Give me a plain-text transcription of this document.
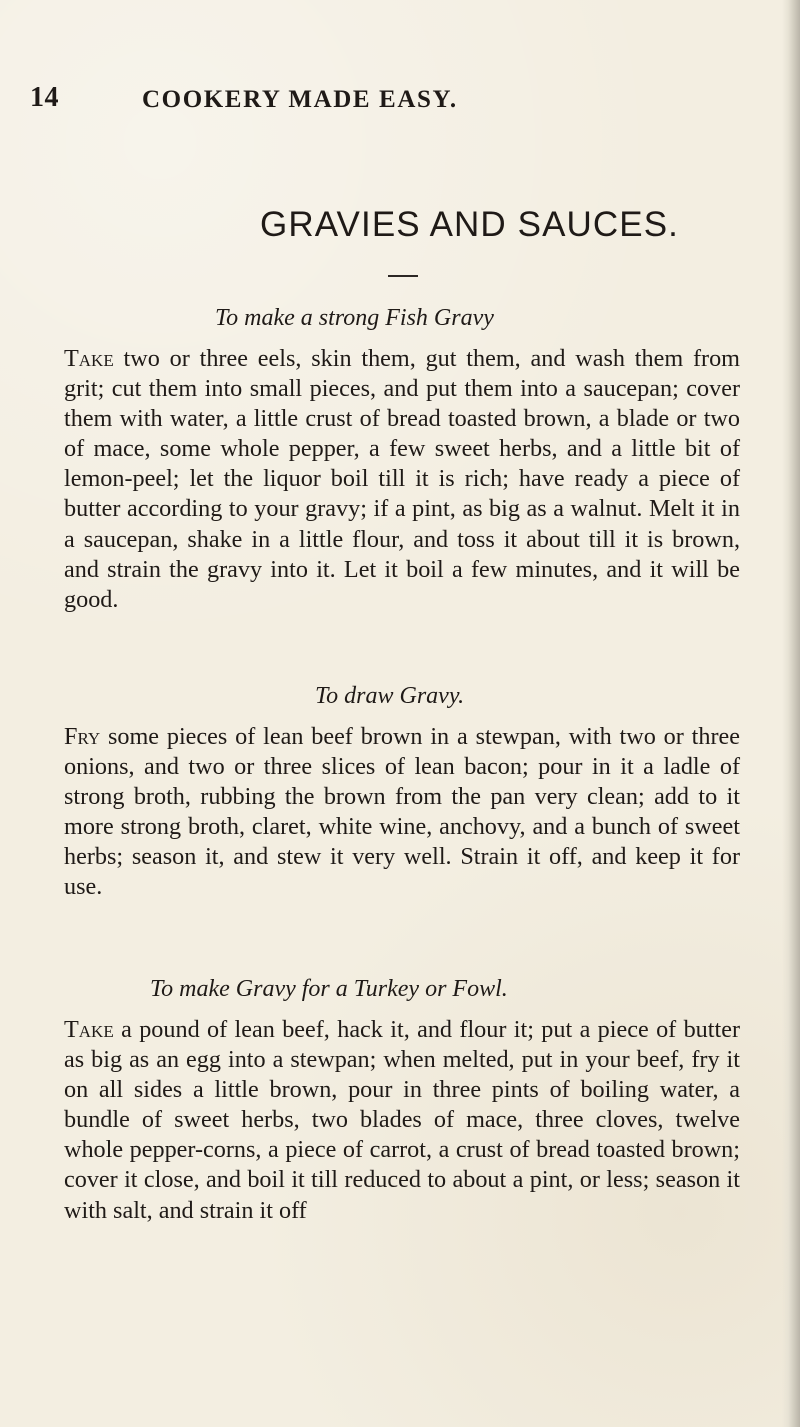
14	COOKERY MADE EASY.
GRAVIES AND SAUCES.
To make a strong Fish Gravy

Take two or three eels, skin them, gut them, and wash them from grit; cut them into small pieces, and put them into a saucepan; cover them with water, a little crust of bread toasted brown, a blade or two of mace, some whole pepper, a few sweet herbs, and a little bit of lemon-peel; let the liquor boil till it is rich; have ready a piece of butter according to your gravy; if a pint, as big as a walnut. Melt it in a saucepan, shake in a little flour, and toss it about till it is brown, and strain the gravy into it. Let it boil a few minutes, and it will be good.

To draw Gravy.

Fry some pieces of lean beef brown in a stewpan, with two or three onions, and two or three slices of lean bacon; pour in it a ladle of strong broth, rubbing the brown from the pan very clean; add to it more strong broth, claret, white wine, anchovy, and a bunch of sweet herbs; season it, and stew it very well. Strain it off, and keep it for use.

To make Gravy for a Turkey or Fowl.

Take a pound of lean beef, hack it, and flour it; put a piece of butter as big as an egg into a stewpan; when melted, put in your beef, fry it on all sides a little brown, pour in three pints of boiling water, a bundle of sweet herbs, two blades of mace, three cloves, twelve whole pepper-corns, a piece of carrot, a crust of bread toasted brown; cover it close, and boil it till reduced to about a pint, or less; season it with salt, and strain it off
